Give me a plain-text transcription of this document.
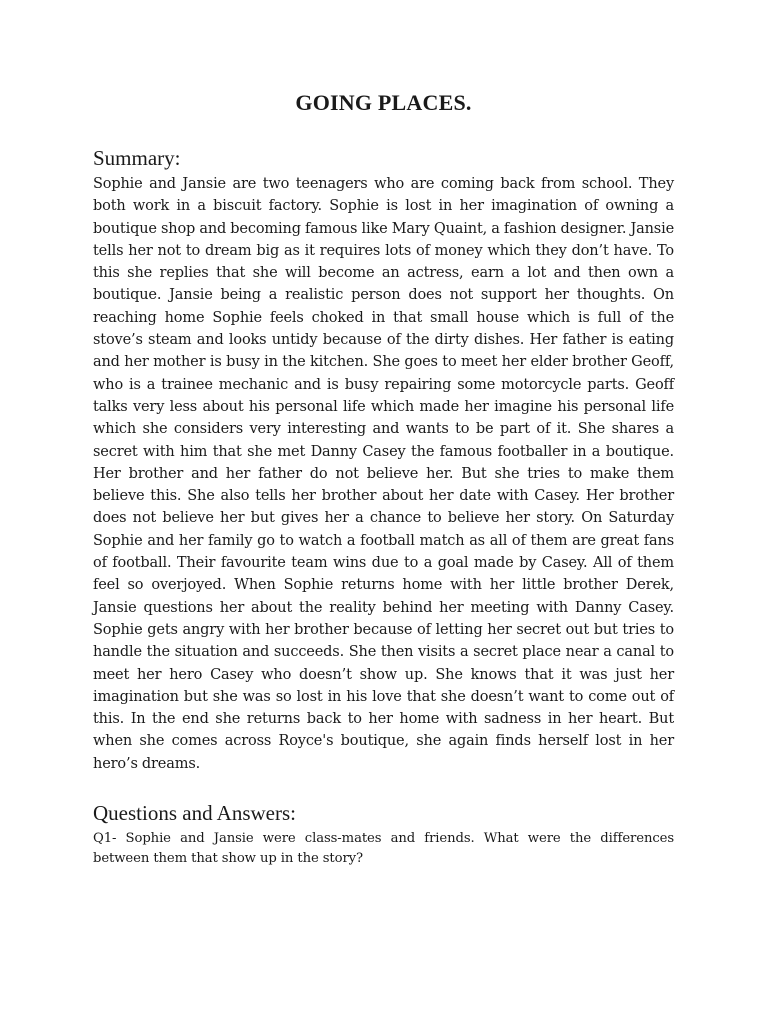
GOING PLACES.
Summary:

Sophie and Jansie are two teenagers who are coming back from school. They both work in a biscuit factory. Sophie is lost in her imagination of owning a boutique shop and becoming famous like Mary Quaint, a fashion designer. Jansie tells her not to dream big as it requires lots of money which they don’t have. To this she replies that she will become an actress, earn a lot and then own a boutique. Jansie being a realistic person does not support her thoughts. On reaching home Sophie feels choked in that small house which is full of the stove’s steam and looks untidy because of the dirty dishes. Her father is eating and her mother is busy in the kitchen. She goes to meet her elder brother Geoff, who is a trainee mechanic and is busy repairing some motorcycle parts. Geoff talks very less about his personal life which made her imagine his personal life which she considers very interesting and wants to be part of it. She shares a secret with him that she met Danny Casey the famous footballer in a boutique. Her brother and her father do not believe her. But she tries to make them believe this. She also tells her brother about her date with Casey. Her brother does not believe her but gives her a chance to believe her story. On Saturday Sophie and her family go to watch a football match as all of them are great fans of football. Their favourite team wins due to a goal made by Casey. All of them feel so overjoyed. When Sophie returns home with her little brother Derek, Jansie questions her about the reality behind her meeting with Danny Casey. Sophie gets angry with her brother because of letting her secret out but tries to handle the situation and succeeds. She then visits a secret place near a canal to meet her hero Casey who doesn’t show up. She knows that it was just her imagination but she was so lost in his love that she doesn’t want to come out of this. In the end she returns back to her home with sadness in her heart. But when she comes across Royce's boutique, she again finds herself lost in her hero’s dreams.

Questions and Answers:

Q1- Sophie and Jansie were class-mates and friends. What were the differences between them that show up in the story?
